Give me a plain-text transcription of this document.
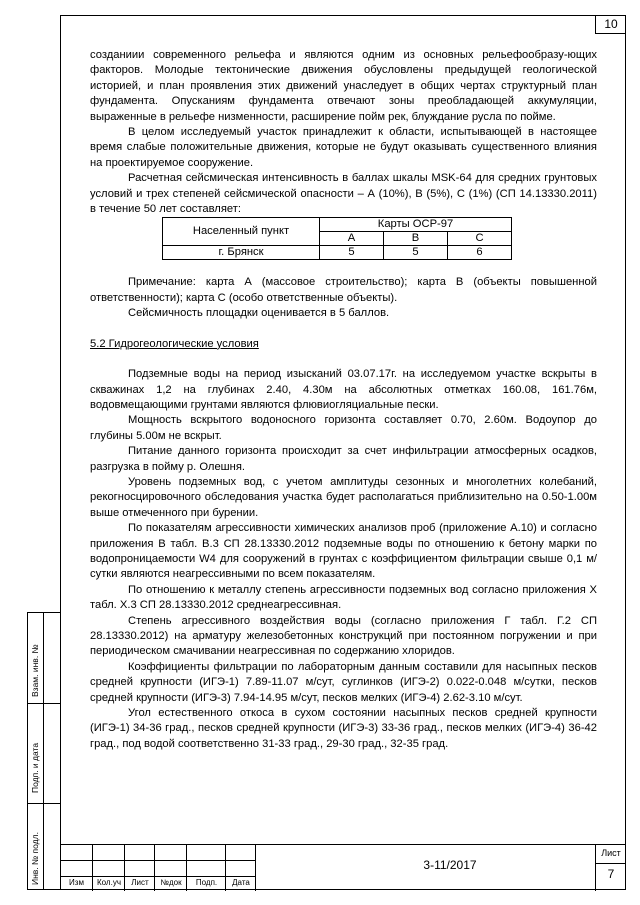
10

созданиии современного рельефа и являются одним из основных рельефообразу-ющих факторов. Молодые тектонические движения обусловлены предыдущей геологической историей, и план проявления этих движений унаследует в общих чертах структурный план фундамента. Опусканиям фундамента отвечают зоны преобладающей аккумуляции, выраженные в рельефе низменности, расширение пойм рек, блуждание русла по пойме.

В целом исследуемый участок принадлежит к области, испытывающей в настоящее время слабые положительные движения, которые не будут оказывать существенного влияния на проектируемое сооружение.

Расчетная сейсмическая интенсивность в баллах шкалы MSK-64 для средних грунтовых условий и трех степеней сейсмической опасности – А (10%), В (5%), С (1%) (СП 14.13330.2011) в течение 50 лет составляет:

Населенный пункт	Карты ОСР-97		
	А	В	С
г. Брянск	5	5	6

Примечание: карта А (массовое строительство); карта В (объекты повышенной ответственности); карта С (особо ответственные объекты).

Сейсмичность площадки оценивается в 5 баллов.

5.2 Гидрогеологические условия

Подземные воды на период изысканий 03.07.17г. на исследуемом участке вскрыты в скважинах 1,2 на глубинах 2.40, 4.30м на абсолютных отметках 160.08, 161.76м, водовмещающими грунтами являются флювиогляциальные пески.

Мощность вскрытого водоносного горизонта составляет 0.70, 2.60м. Водоупор до глубины 5.00м не вскрыт.

Питание данного горизонта происходит за счет инфильтрации атмосферных осадков, разгрузка в пойму р. Олешня.

Уровень подземных вод, с учетом амплитуды сезонных и многолетних колебаний, рекогносцировочного обследования участка будет располагаться приблизительно на 0.50-1.00м выше отмеченного при бурении.

По показателям агрессивности химических анализов проб (приложение А.10) и согласно приложения В табл. В.3 СП 28.13330.2012 подземные воды по отношению к бетону марки по водопроницаемости W4 для сооружений в грунтах с коэффициентом фильтрации свыше 0,1 м/сутки являются неагрессивными по всем показателям.

По отношению к металлу степень агрессивности подземных вод согласно приложения Х табл. Х.3 СП 28.13330.2012 среднеагрессивная.

Степень агрессивного воздействия воды (согласно приложения Г табл. Г.2 СП 28.13330.2012) на арматуру железобетонных конструкций при постоянном погружении и при периодическом смачивании неагрессивная по содержанию хлоридов.

Коэффициенты фильтрации по лабораторным данным составили для насыпных песков средней крупности (ИГЭ-1) 7.89-11.07 м/сут, суглинков (ИГЭ-2) 0.022-0.048 м/сутки, песков средней крупности (ИГЭ-3) 7.94-14.95 м/сут, песков мелких (ИГЭ-4) 2.62-3.10 м/сут.

Угол естественного откоса в сухом состоянии насыпных песков средней крупности (ИГЭ-1) 34-36 град., песков средней крупности (ИГЭ-3) 33-36 град., песков мелких (ИГЭ-4) 36-42 град., под водой соответственно 31-33 град., 29-30 град., 32-35 град.

Взам. инв. №
Подп. и дата
Инв. № подл.	Изм	Кол.уч	Лист	№док	Подп.	Дата
3-11/2017
Лист
7
